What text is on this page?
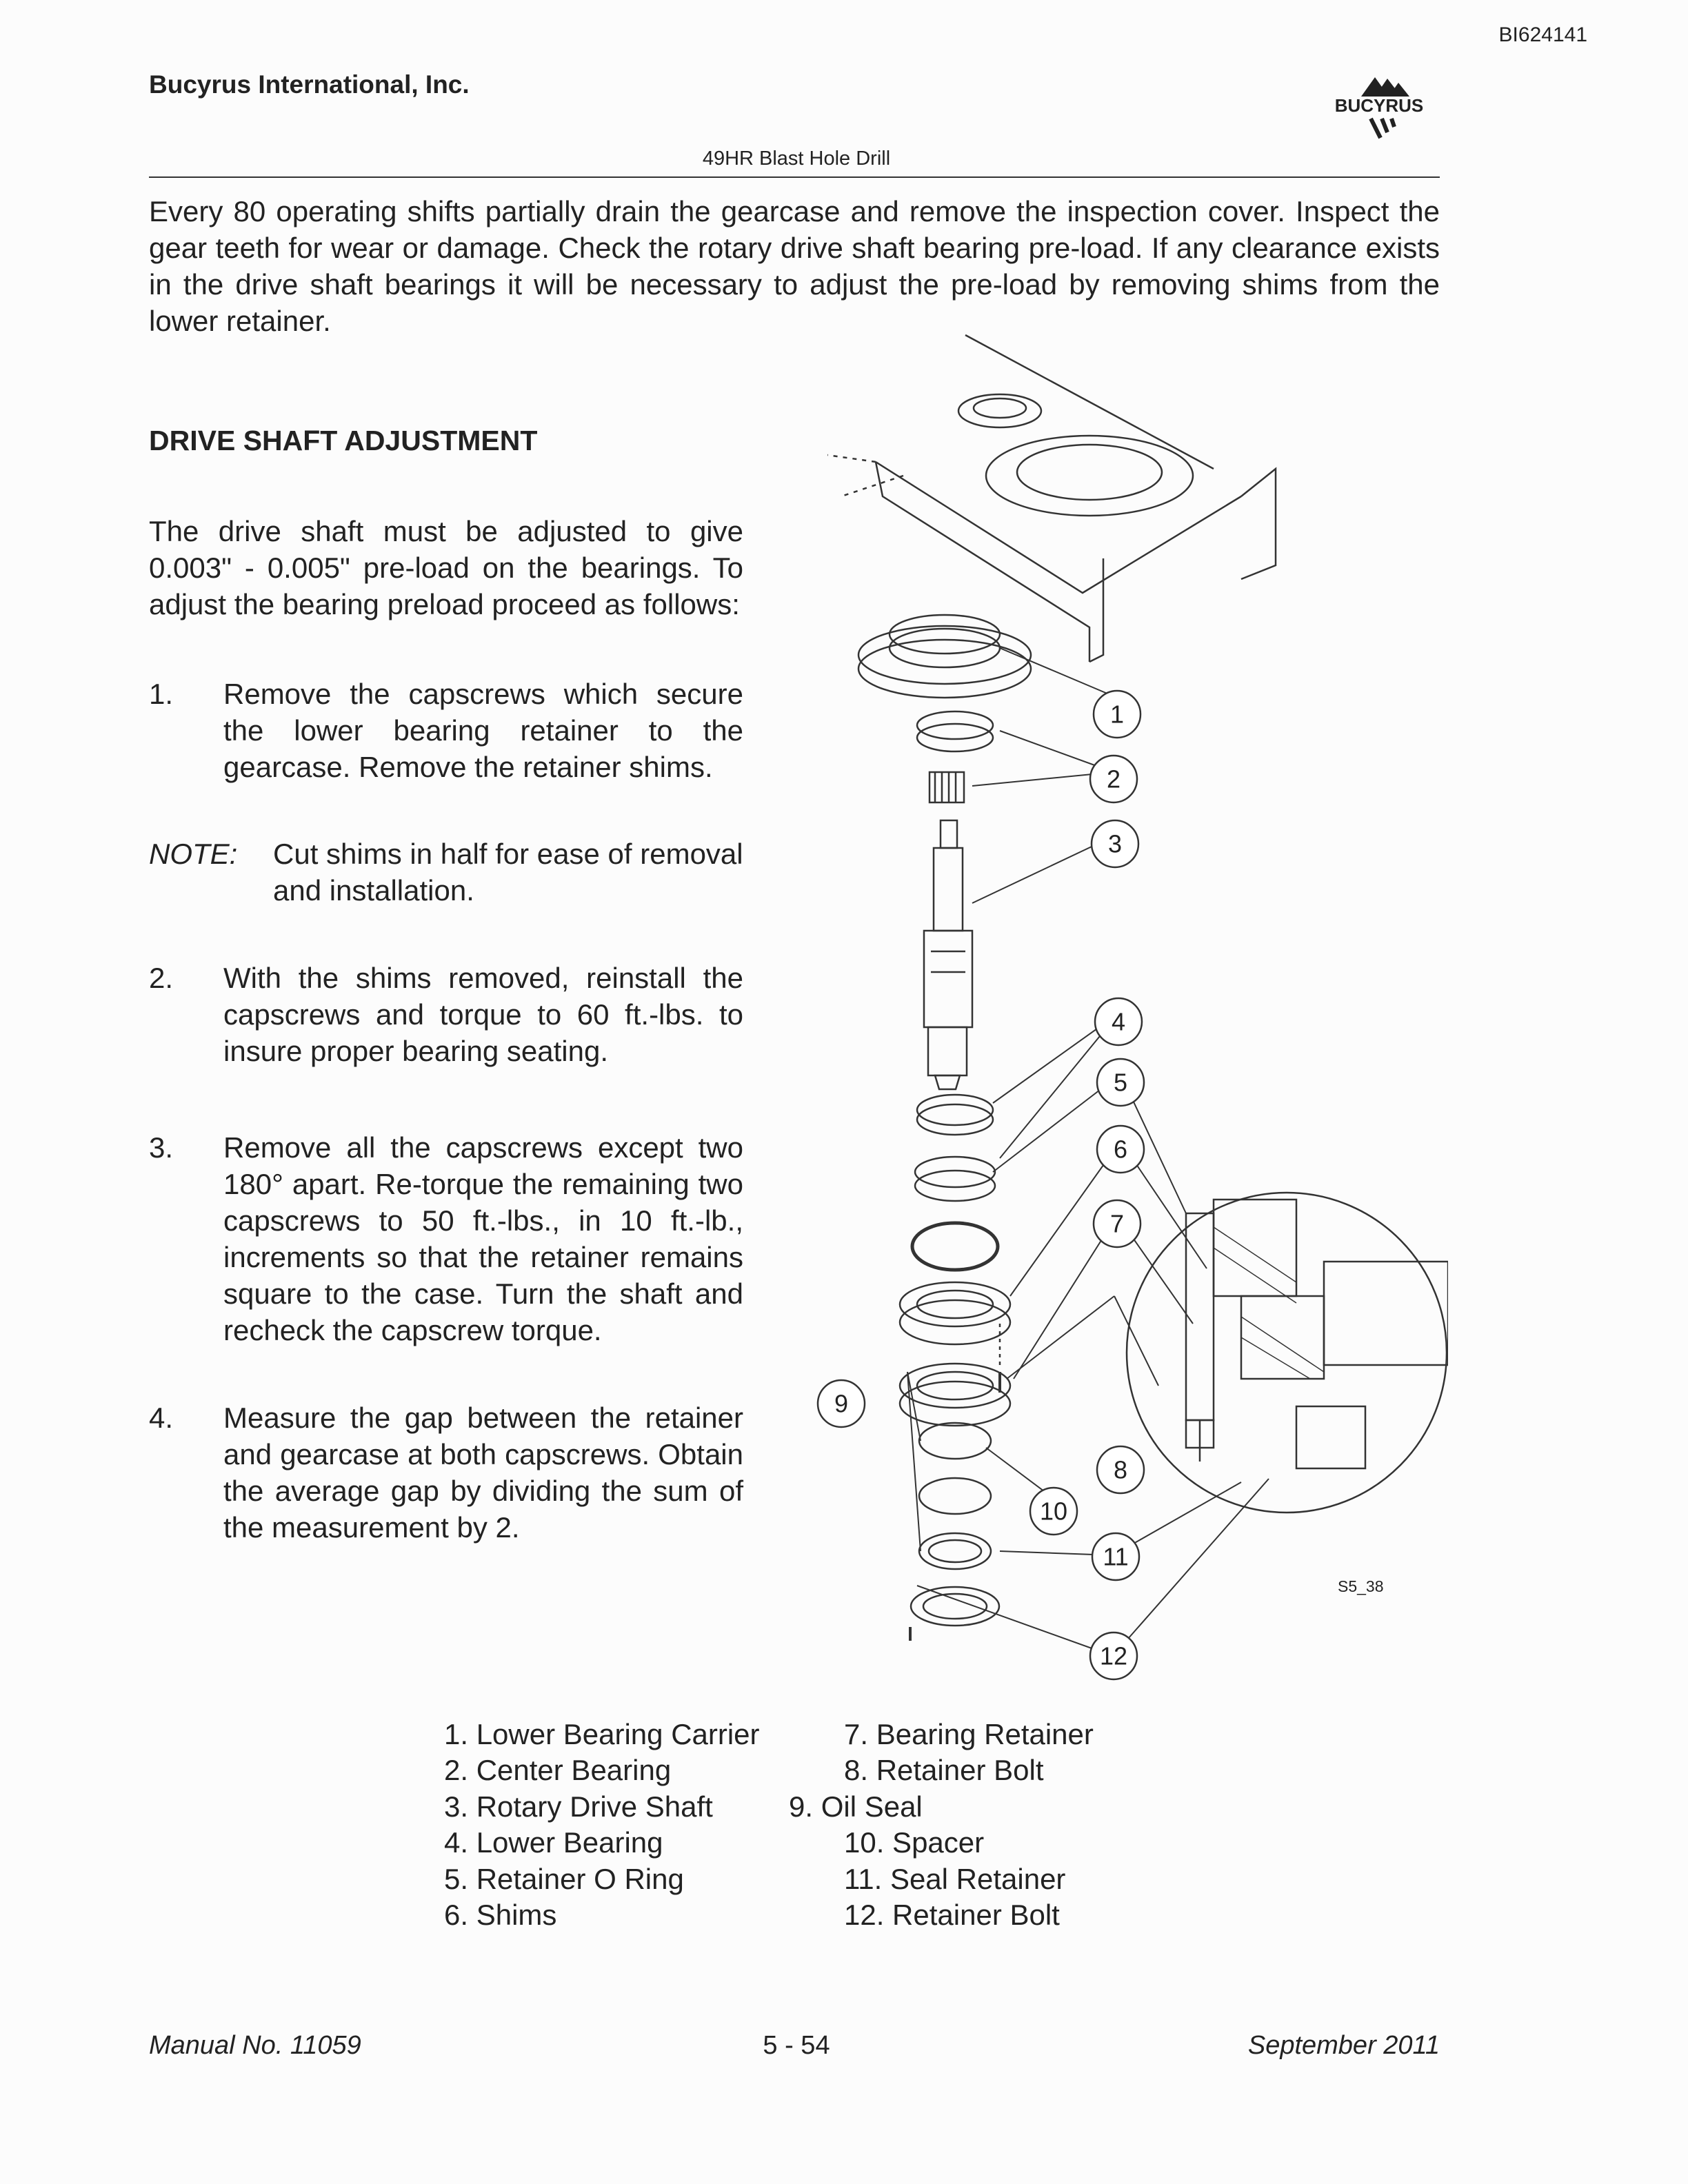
BI624141
Bucyrus International, Inc.
BUCYRUS
49HR Blast Hole Drill
Every 80 operating shifts partially drain the gearcase and remove the inspection cover. Inspect the gear teeth for wear or damage. Check the rotary drive shaft bearing pre-load. If any clearance exists in the drive shaft bearings it will be necessary to adjust the pre-load by removing shims from the lower retainer.
DRIVE SHAFT ADJUSTMENT
The drive shaft must be adjusted to give 0.003" - 0.005" pre-load on the bearings. To adjust the bearing preload proceed as follows:
1. Remove the capscrews which secure the lower bearing retainer to the gearcase. Remove the retainer shims.
NOTE: Cut shims in half for ease of removal and installation.
2. With the shims removed, reinstall the capscrews and torque to 60 ft.-lbs. to insure proper bearing seating.
3. Remove all the capscrews except two 180° apart. Re-torque the remaining two capscrews to 50 ft.-lbs., in 10 ft.-lb., increments so that the retainer remains square to the case. Turn the shaft and recheck the capscrew torque.
4. Measure the gap between the retainer and gearcase at both capscrews. Obtain the average gap by dividing the sum of the measurement by 2.
1
2
3
4
5
6
7
8
9
10
11
12
S5_38
1. Lower Bearing Carrier
2. Center Bearing
3. Rotary Drive Shaft
4. Lower Bearing
5. Retainer O Ring
6. Shims
7. Bearing Retainer
8. Retainer Bolt
9. Oil Seal
10. Spacer
11. Seal Retainer
12. Retainer Bolt
Manual No. 11059	5 - 54	September 2011
